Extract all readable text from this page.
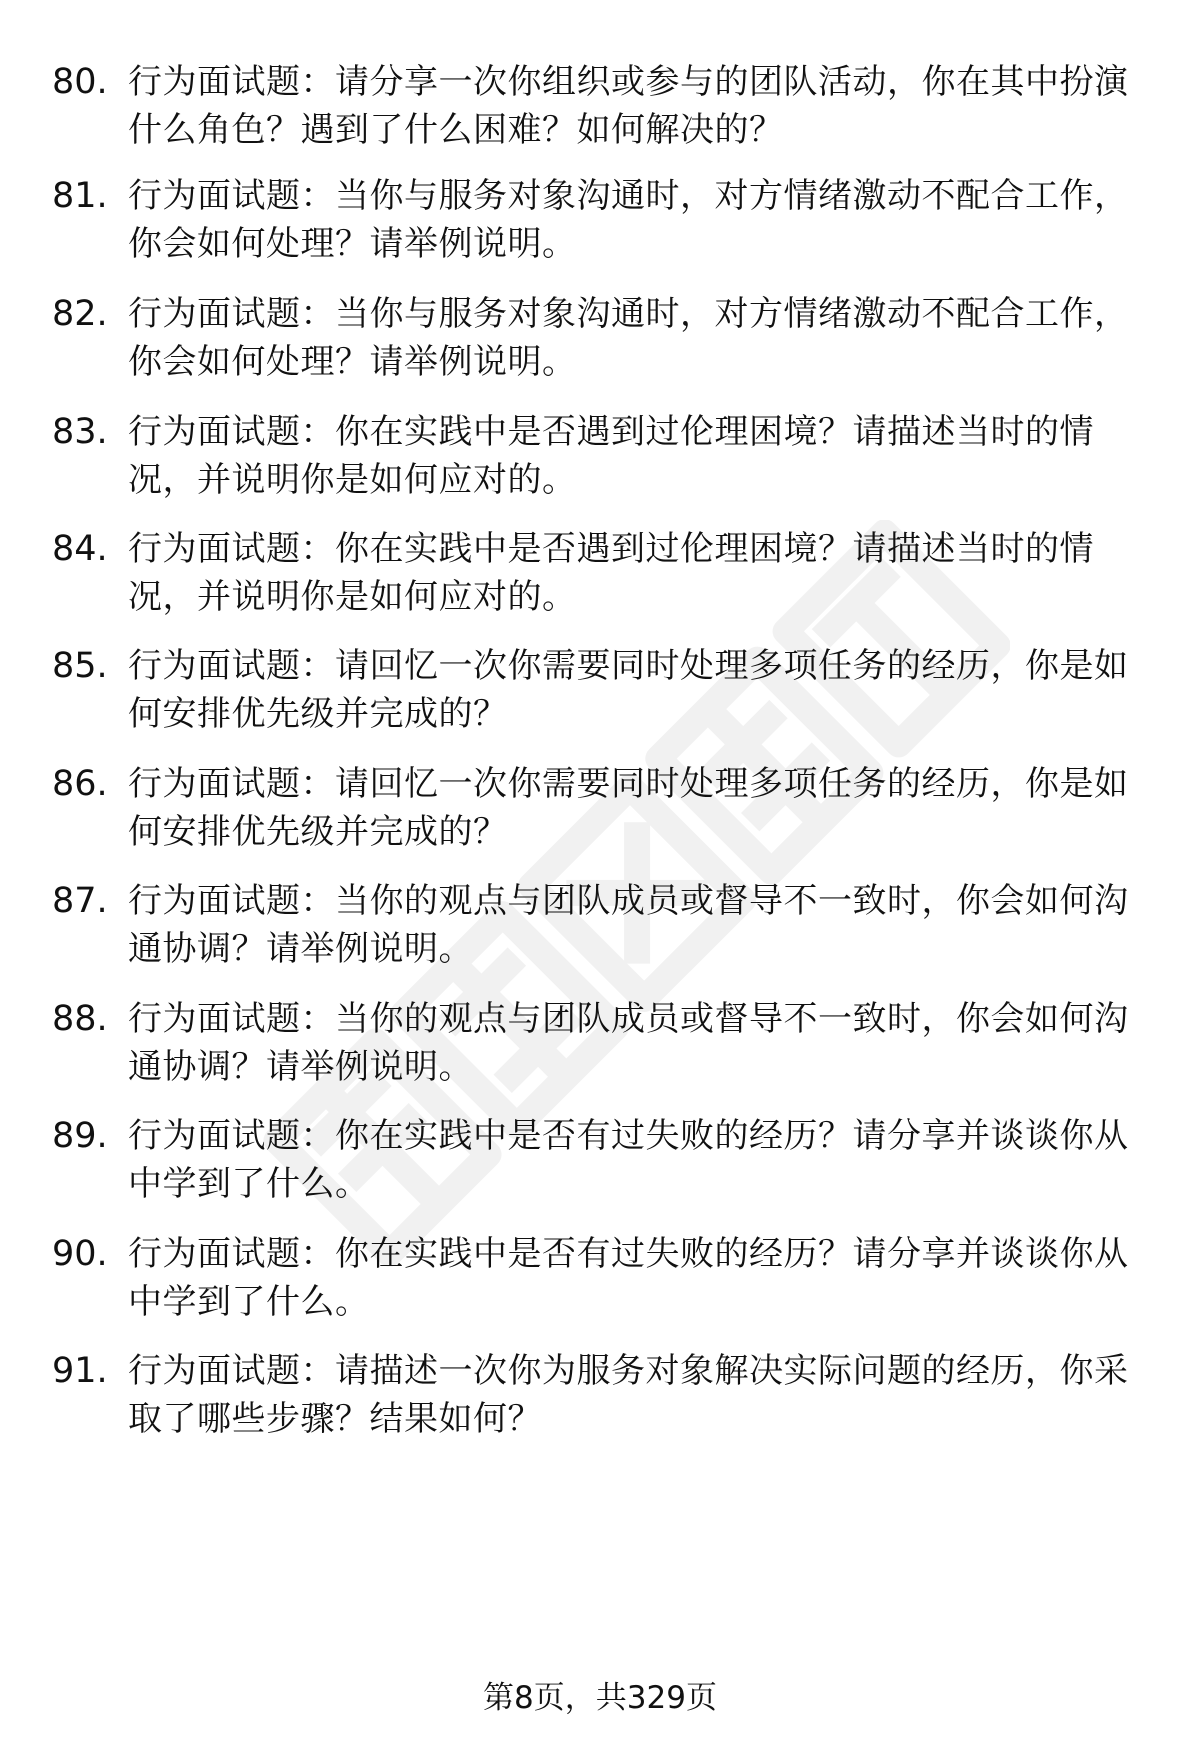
80. 行为面试题：请分享一次你组织或参与的团队活动，你在其中扮演什么角色？遇到了什么困难？如何解决的？
81. 行为面试题：当你与服务对象沟通时，对方情绪激动不配合工作，你会如何处理？请举例说明。
82. 行为面试题：当你与服务对象沟通时，对方情绪激动不配合工作，你会如何处理？请举例说明。
83. 行为面试题：你在实践中是否遇到过伦理困境？请描述当时的情况，并说明你是如何应对的。
84. 行为面试题：你在实践中是否遇到过伦理困境？请描述当时的情况，并说明你是如何应对的。
85. 行为面试题：请回忆一次你需要同时处理多项任务的经历，你是如何安排优先级并完成的？
86. 行为面试题：请回忆一次你需要同时处理多项任务的经历，你是如何安排优先级并完成的？
87. 行为面试题：当你的观点与团队成员或督导不一致时，你会如何沟通协调？请举例说明。
88. 行为面试题：当你的观点与团队成员或督导不一致时，你会如何沟通协调？请举例说明。
89. 行为面试题：你在实践中是否有过失败的经历？请分享并谈谈你从中学到了什么。
90. 行为面试题：你在实践中是否有过失败的经历？请分享并谈谈你从中学到了什么。
91. 行为面试题：请描述一次你为服务对象解决实际问题的经历，你采取了哪些步骤？结果如何？
第8页，共329页
